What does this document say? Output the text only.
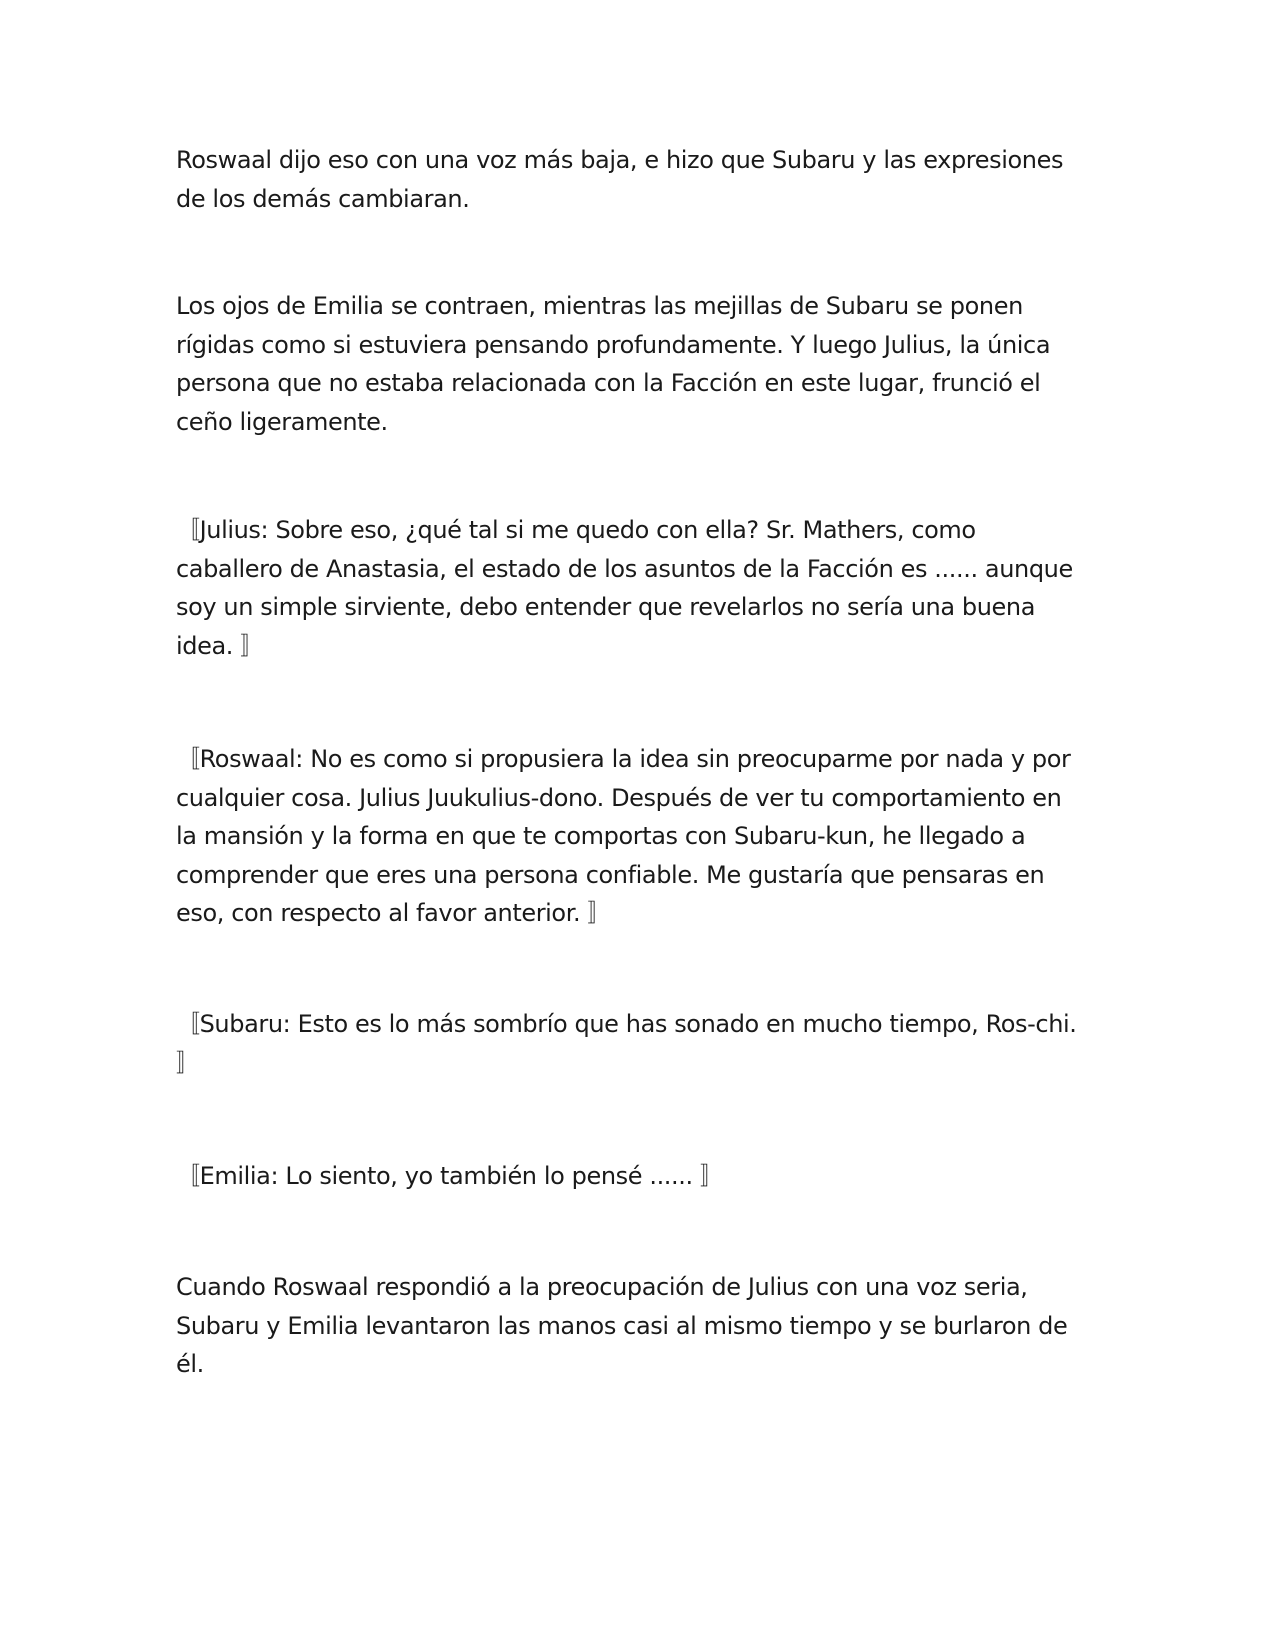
Roswaal dijo eso con una voz más baja, e hizo que Subaru y las expresiones
de los demás cambiaran.

Los ojos de Emilia se contraen, mientras las mejillas de Subaru se ponen
rígidas como si estuviera pensando profundamente. Y luego Julius, la única
persona que no estaba relacionada con la Facción en este lugar, frunció el
ceño ligeramente.

〚Julius: Sobre eso, ¿qué tal si me quedo con ella? Sr. Mathers, como
caballero de Anastasia, el estado de los asuntos de la Facción es ...... aunque
soy un simple sirviente, debo entender que revelarlos no sería una buena
idea. 〛

〚Roswaal: No es como si propusiera la idea sin preocuparme por nada y por
cualquier cosa. Julius Juukulius-dono. Después de ver tu comportamiento en
la mansión y la forma en que te comportas con Subaru-kun, he llegado a
comprender que eres una persona confiable. Me gustaría que pensaras en
eso, con respecto al favor anterior. 〛

〚Subaru: Esto es lo más sombrío que has sonado en mucho tiempo, Ros-chi.
〛

〚Emilia: Lo siento, yo también lo pensé ...... 〛

Cuando Roswaal respondió a la preocupación de Julius con una voz seria,
Subaru y Emilia levantaron las manos casi al mismo tiempo y se burlaron de
él.
